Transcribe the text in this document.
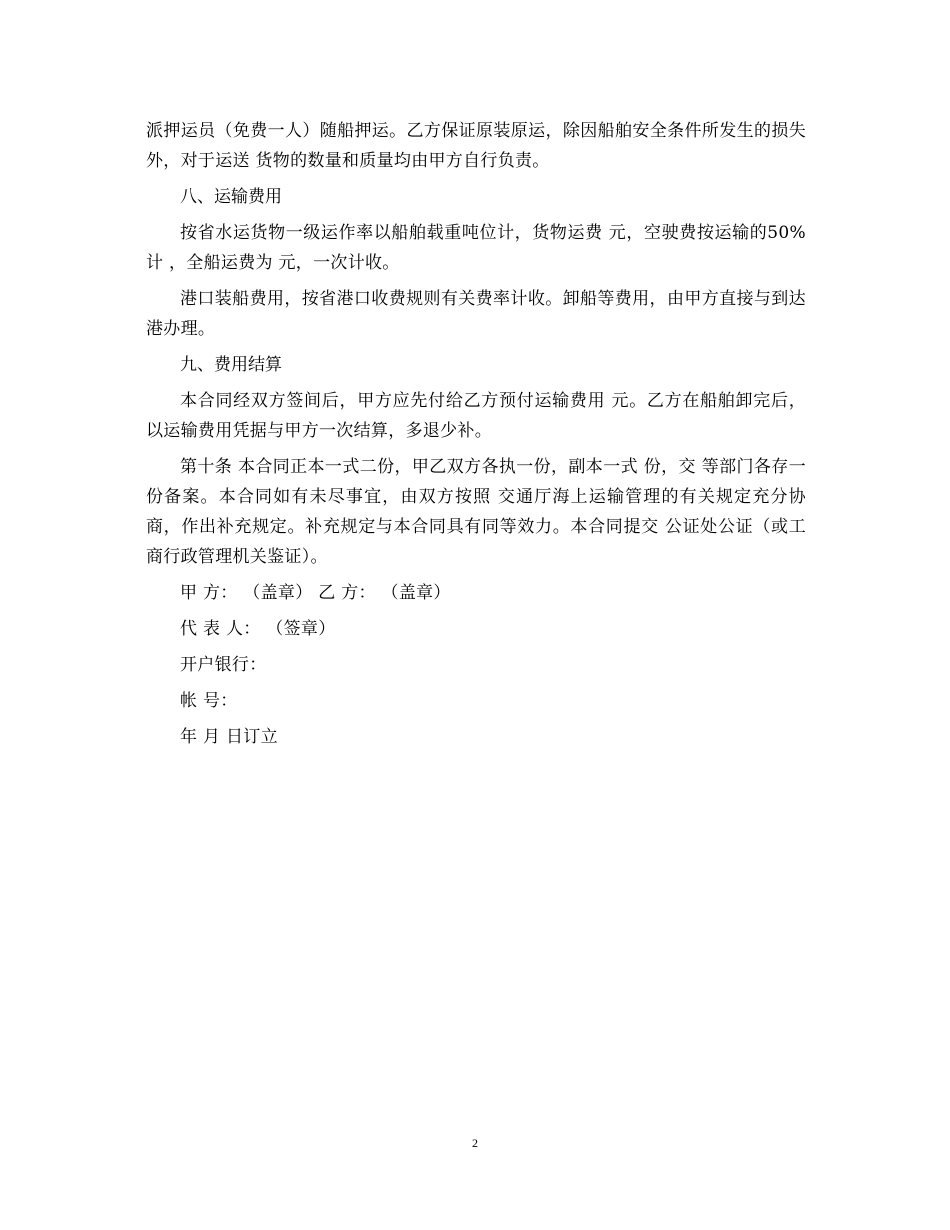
派押运员（免费一人）随船押运。乙方保证原装原运，除因船舶安全条件所发生的损失外，对于运送 货物的数量和质量均由甲方自行负责。

八、运输费用

按省水运货物一级运作率以船舶载重吨位计，货物运费 元，空驶费按运输的50%计 ，全船运费为 元，一次计收。

港口装船费用，按省港口收费规则有关费率计收。卸船等费用，由甲方直接与到达港办理。

九、费用结算

本合同经双方签间后，甲方应先付给乙方预付运输费用 元。乙方在船舶卸完后，以运输费用凭据与甲方一次结算，多退少补。

第十条 本合同正本一式二份，甲乙双方各执一份，副本一式 份，交 等部门各存一份备案。本合同如有未尽事宜，由双方按照 交通厅海上运输管理的有关规定充分协商，作出补充规定。补充规定与本合同具有同等效力。本合同提交 公证处公证（或工商行政管理机关鉴证）。

甲 方： （盖章） 乙 方： （盖章）

代 表 人： （签章）

开户银行：

帐 号：

年 月 日订立

2
